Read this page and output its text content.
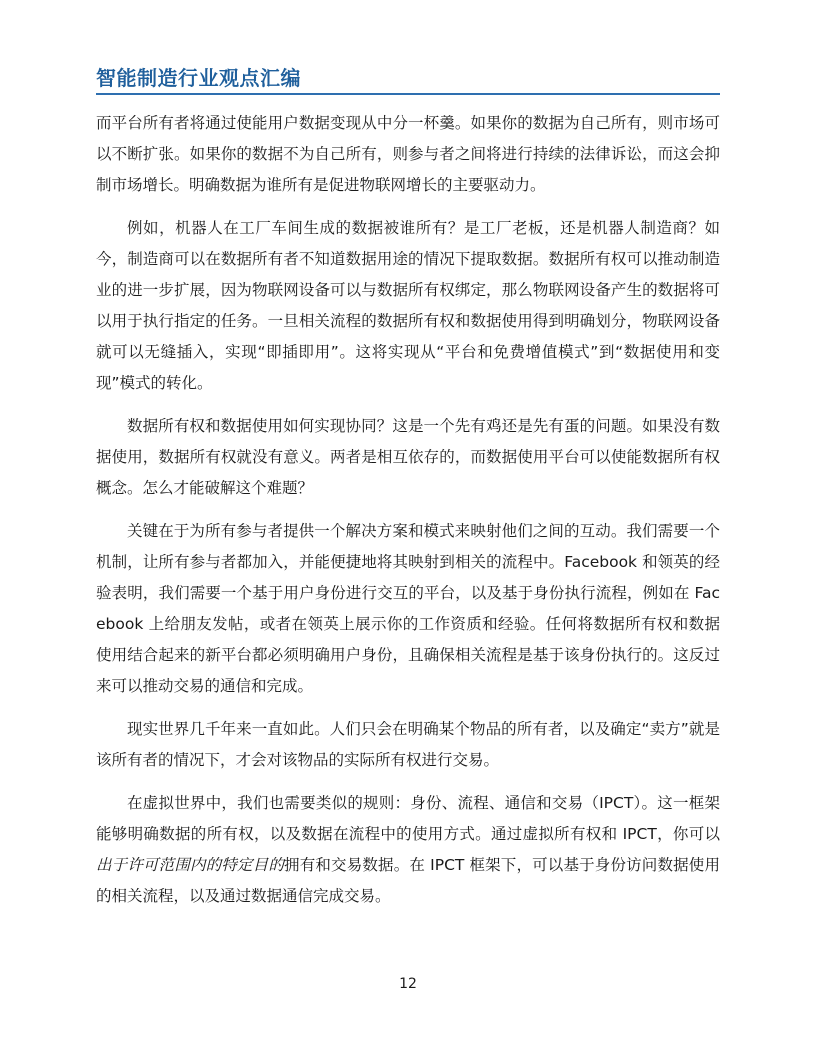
智能制造行业观点汇编

而平台所有者将通过使能用户数据变现从中分一杯羹。如果你的数据为自己所有，则市场可以不断扩张。如果你的数据不为自己所有，则参与者之间将进行持续的法律诉讼，而这会抑制市场增长。明确数据为谁所有是促进物联网增长的主要驱动力。

例如，机器人在工厂车间生成的数据被谁所有？是工厂老板，还是机器人制造商？如今，制造商可以在数据所有者不知道数据用途的情况下提取数据。数据所有权可以推动制造业的进一步扩展，因为物联网设备可以与数据所有权绑定，那么物联网设备产生的数据将可以用于执行指定的任务。一旦相关流程的数据所有权和数据使用得到明确划分，物联网设备就可以无缝插入，实现“即插即用”。这将实现从“平台和免费增值模式”到“数据使用和变现”模式的转化。

数据所有权和数据使用如何实现协同？这是一个先有鸡还是先有蛋的问题。如果没有数据使用，数据所有权就没有意义。两者是相互依存的，而数据使用平台可以使能数据所有权概念。怎么才能破解这个难题？

关键在于为所有参与者提供一个解决方案和模式来映射他们之间的互动。我们需要一个机制，让所有参与者都加入，并能便捷地将其映射到相关的流程中。Facebook 和领英的经验表明，我们需要一个基于用户身份进行交互的平台，以及基于身份执行流程，例如在 Facebook 上给朋友发帖，或者在领英上展示你的工作资质和经验。任何将数据所有权和数据使用结合起来的新平台都必须明确用户身份，且确保相关流程是基于该身份执行的。这反过来可以推动交易的通信和完成。

现实世界几千年来一直如此。人们只会在明确某个物品的所有者，以及确定“卖方”就是该所有者的情况下，才会对该物品的实际所有权进行交易。

在虚拟世界中，我们也需要类似的规则：身份、流程、通信和交易（IPCT）。这一框架能够明确数据的所有权，以及数据在流程中的使用方式。通过虚拟所有权和 IPCT，你可以出于许可范围内的特定目的拥有和交易数据。在 IPCT 框架下，可以基于身份访问数据使用的相关流程，以及通过数据通信完成交易。

12
